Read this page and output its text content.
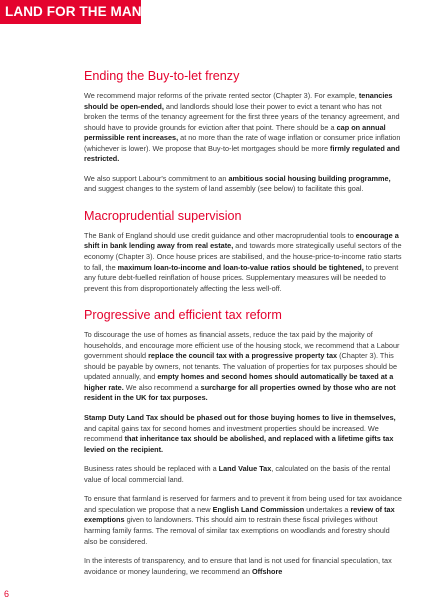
LAND FOR THE MANY
Ending the Buy-to-let frenzy

We recommend major reforms of the private rented sector (Chapter 3). For example, tenancies should be open-ended, and landlords should lose their power to evict a tenant who has not broken the terms of the tenancy agreement for the first three years of the tenancy agreement, and should have to provide grounds for eviction after that point. There should be a cap on annual permissible rent increases, at no more than the rate of wage inflation or consumer price inflation (whichever is lower). We propose that Buy-to-let mortgages should be more firmly regulated and restricted.

We also support Labour's commitment to an ambitious social housing building programme, and suggest changes to the system of land assembly (see below) to facilitate this goal.

Macroprudential supervision

The Bank of England should use credit guidance and other macroprudential tools to encourage a shift in bank lending away from real estate, and towards more strategically useful sectors of the economy (Chapter 3). Once house prices are stabilised, and the house-price-to-income ratio starts to fall, the maximum loan-to-income and loan-to-value ratios should be tightened, to prevent any future debt-fuelled reinflation of house prices. Supplementary measures will be needed to prevent this from disproportionately affecting the less well-off.

Progressive and efficient tax reform

To discourage the use of homes as financial assets, reduce the tax paid by the majority of households, and encourage more efficient use of the housing stock, we recommend that a Labour government should replace the council tax with a progressive property tax (Chapter 3). This should be payable by owners, not tenants. The valuation of properties for tax purposes should be updated annually, and empty homes and second homes should automatically be taxed at a higher rate. We also recommend a surcharge for all properties owned by those who are not resident in the UK for tax purposes.

Stamp Duty Land Tax should be phased out for those buying homes to live in themselves, and capital gains tax for second homes and investment properties should be increased. We recommend that inheritance tax should be abolished, and replaced with a lifetime gifts tax levied on the recipient.

Business rates should be replaced with a Land Value Tax, calculated on the basis of the rental value of local commercial land.

To ensure that farmland is reserved for farmers and to prevent it from being used for tax avoidance and speculation we propose that a new English Land Commission undertakes a review of tax exemptions given to landowners. This should aim to restrain these fiscal privileges without harming family farms. The removal of similar tax exemptions on woodlands and forestry should also be considered.

In the interests of transparency, and to ensure that land is not used for financial speculation, tax avoidance or money laundering, we recommend an Offshore

6
